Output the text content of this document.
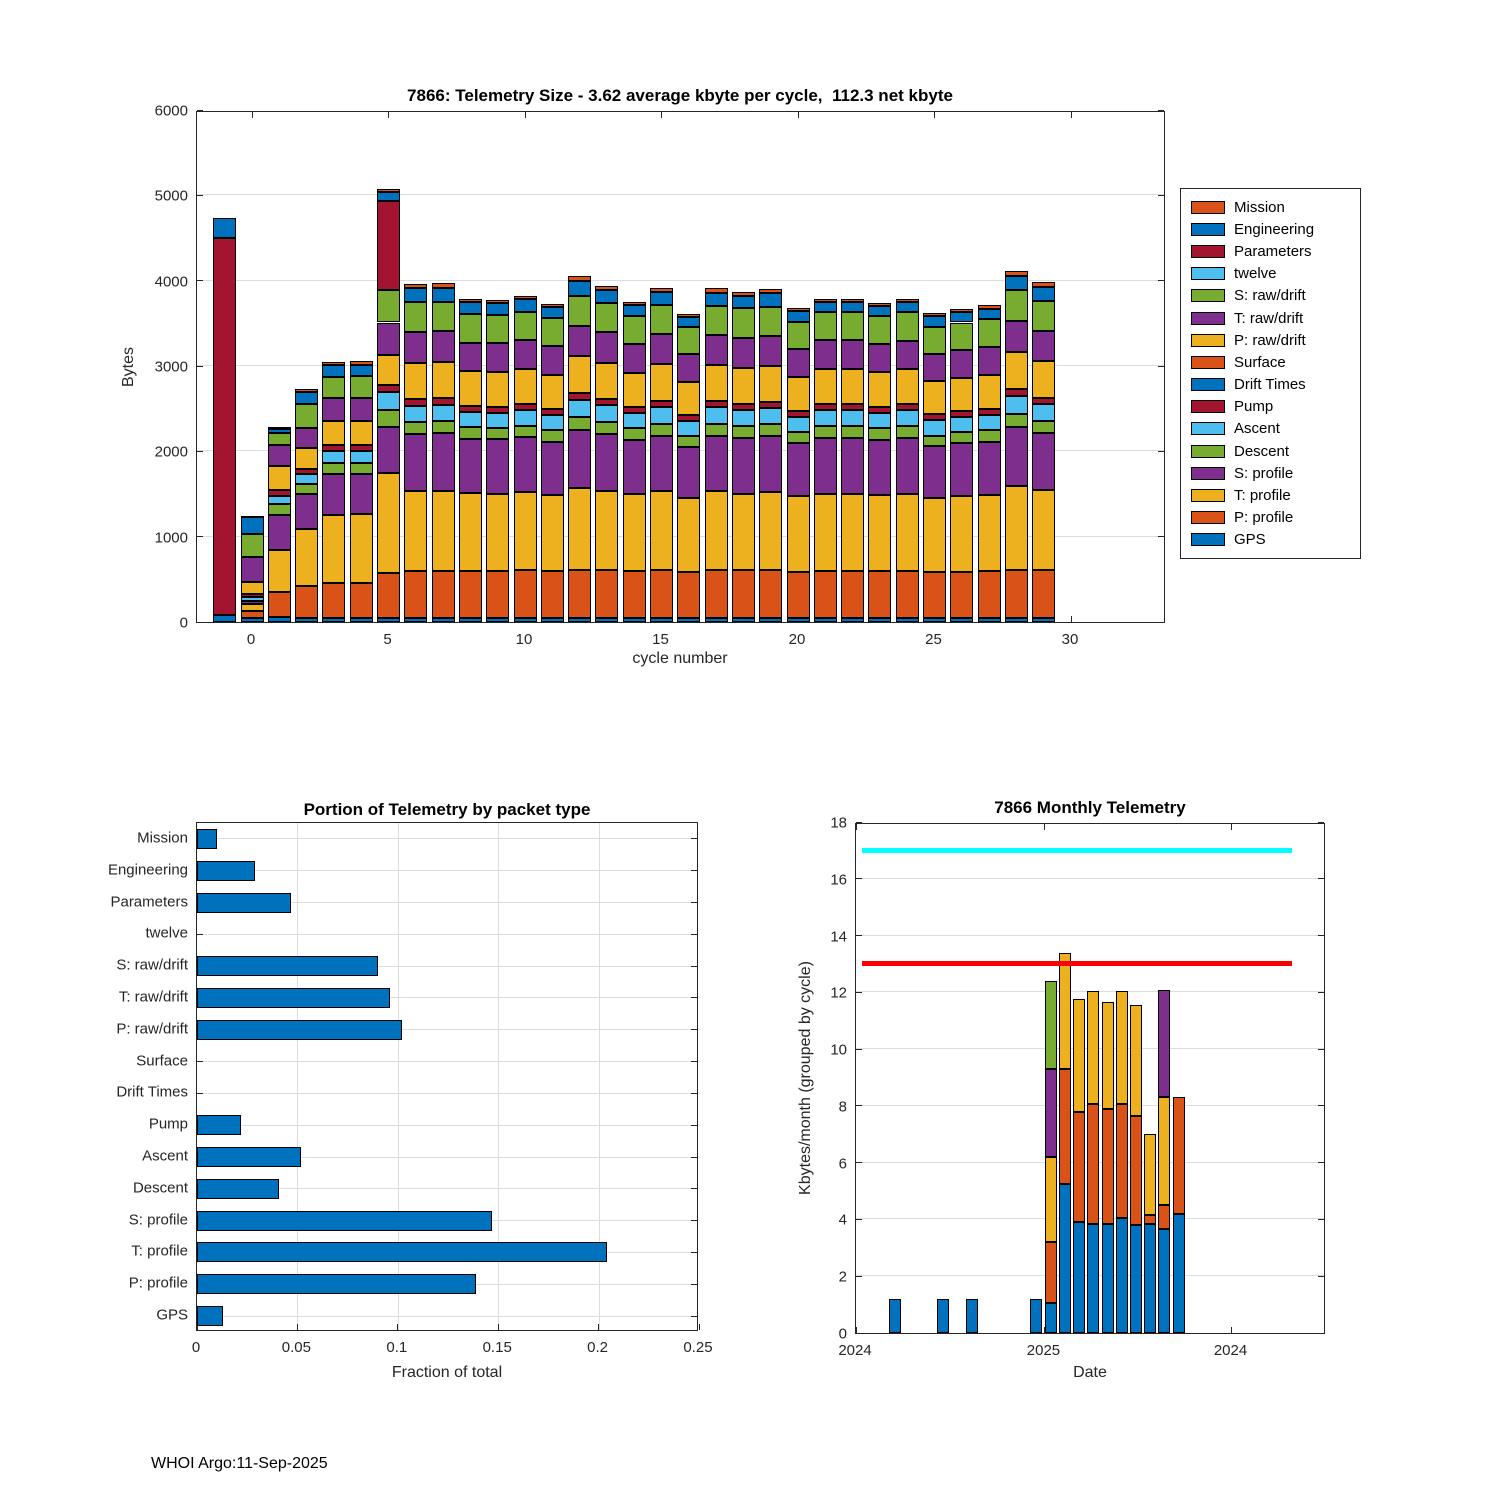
7866: Telemetry Size - 3.62 average kbyte per cycle,  112.3 net kbyte
Bytes
cycle number
Mission
Engineering
Parameters
twelve
S: raw/drift
T: raw/drift
P: raw/drift
Surface
Drift Times
Pump
Ascent
Descent
S: profile
T: profile
P: profile
GPS
Portion of Telemetry by packet type
Fraction of total
7866 Monthly Telemetry
Kbytes/month (grouped by cycle)
Date
WHOI Argo:11-Sep-2025
0
1000
2000
3000
4000
5000
6000
0	5	10	15	20	25	30
0	0.05	0.1	0.15	0.2	0.25
Mission
Engineering
Parameters
twelve
S: raw/drift
T: raw/drift
P: raw/drift
Surface
Drift Times
Pump
Ascent
Descent
S: profile
T: profile
P: profile
GPS
0
2
4
6
8
10
12
14
16
18
2024	2025	2024
